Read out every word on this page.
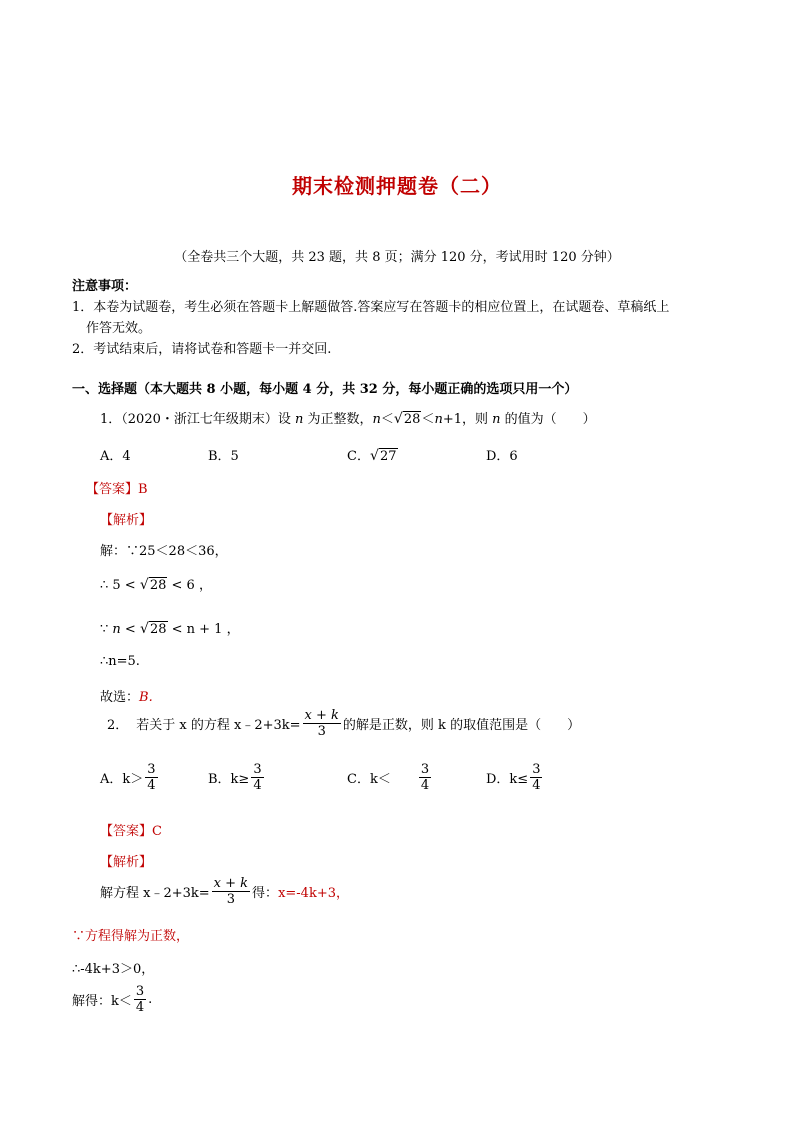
期末检测押题卷（二）
（全卷共三个大题，共 23 题，共 8 页；满分 120 分，考试用时 120 分钟）
注意事项：
1．本卷为试题卷，考生必须在答题卡上解题做答.答案应写在答题卡的相应位置上，在试题卷、草稿纸上
作答无效。
2．考试结束后，请将试卷和答题卡一并交回.
一、选择题（本大题共 8 小题，每小题 4 分，共 32 分，每小题正确的选项只用一个）
1．（2020・浙江七年级期末）设 n 为正整数，n＜ √ 28＜n+1，则 n 的值为（　　）
A．4	B．5	C． √ 27	D．6
【答案】B
【解析】
解：∵25＜28＜36，
∴ 5 < √ 28 < 6 ，
∵ n < √ 28 < n + 1 ，
∴n=5.
故选：B.
2． 若关于 x 的方程 x﹣2+3k= $\frac{x + k}{3}$ 的解是正数，则 k 的取值范围是（　　）
A．$k> \frac{3}{4}$	B．$k\ge \frac{3}{4}$	C．$k< \frac{3}{4}$	D．$k\le \frac{3}{4}$
【答案】C
【解析】
解方程 x﹣2+3k= $\frac{x + k}{3}$ 得： x=-4k+3，
∵方程得解为正数，
∴-4k+3＞0，
解得：$k< \frac{3}{4}$ .
